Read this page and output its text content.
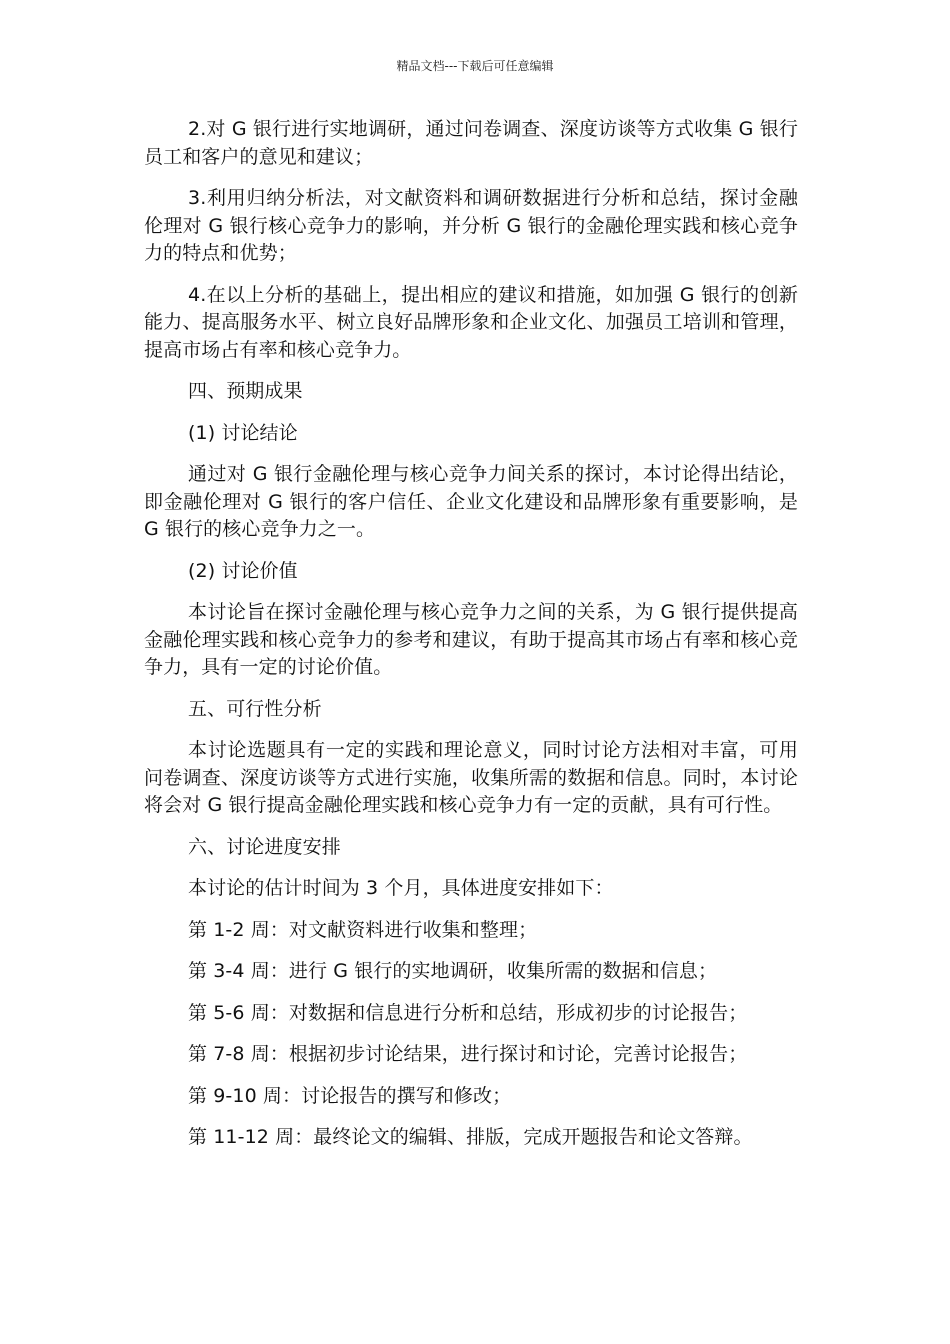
精品文档---下载后可任意编辑

2.对 G 银行进行实地调研，通过问卷调查、深度访谈等方式收集 G 银行员工和客户的意见和建议；

3.利用归纳分析法，对文献资料和调研数据进行分析和总结，探讨金融伦理对 G 银行核心竞争力的影响，并分析 G 银行的金融伦理实践和核心竞争力的特点和优势；

4.在以上分析的基础上，提出相应的建议和措施，如加强 G 银行的创新能力、提高服务水平、树立良好品牌形象和企业文化、加强员工培训和管理，提高市场占有率和核心竞争力。

四、预期成果

(1) 讨论结论

通过对 G 银行金融伦理与核心竞争力间关系的探讨，本讨论得出结论，即金融伦理对 G 银行的客户信任、企业文化建设和品牌形象有重要影响，是 G 银行的核心竞争力之一。

(2) 讨论价值

本讨论旨在探讨金融伦理与核心竞争力之间的关系，为 G 银行提供提高金融伦理实践和核心竞争力的参考和建议，有助于提高其市场占有率和核心竞争力，具有一定的讨论价值。

五、可行性分析

本讨论选题具有一定的实践和理论意义，同时讨论方法相对丰富，可用问卷调查、深度访谈等方式进行实施，收集所需的数据和信息。同时，本讨论将会对 G 银行提高金融伦理实践和核心竞争力有一定的贡献，具有可行性。

六、讨论进度安排

本讨论的估计时间为 3 个月，具体进度安排如下：

第 1-2 周：对文献资料进行收集和整理；

第 3-4 周：进行 G 银行的实地调研，收集所需的数据和信息；

第 5-6 周：对数据和信息进行分析和总结，形成初步的讨论报告；

第 7-8 周：根据初步讨论结果，进行探讨和讨论，完善讨论报告；

第 9-10 周：讨论报告的撰写和修改；

第 11-12 周：最终论文的编辑、排版，完成开题报告和论文答辩。
